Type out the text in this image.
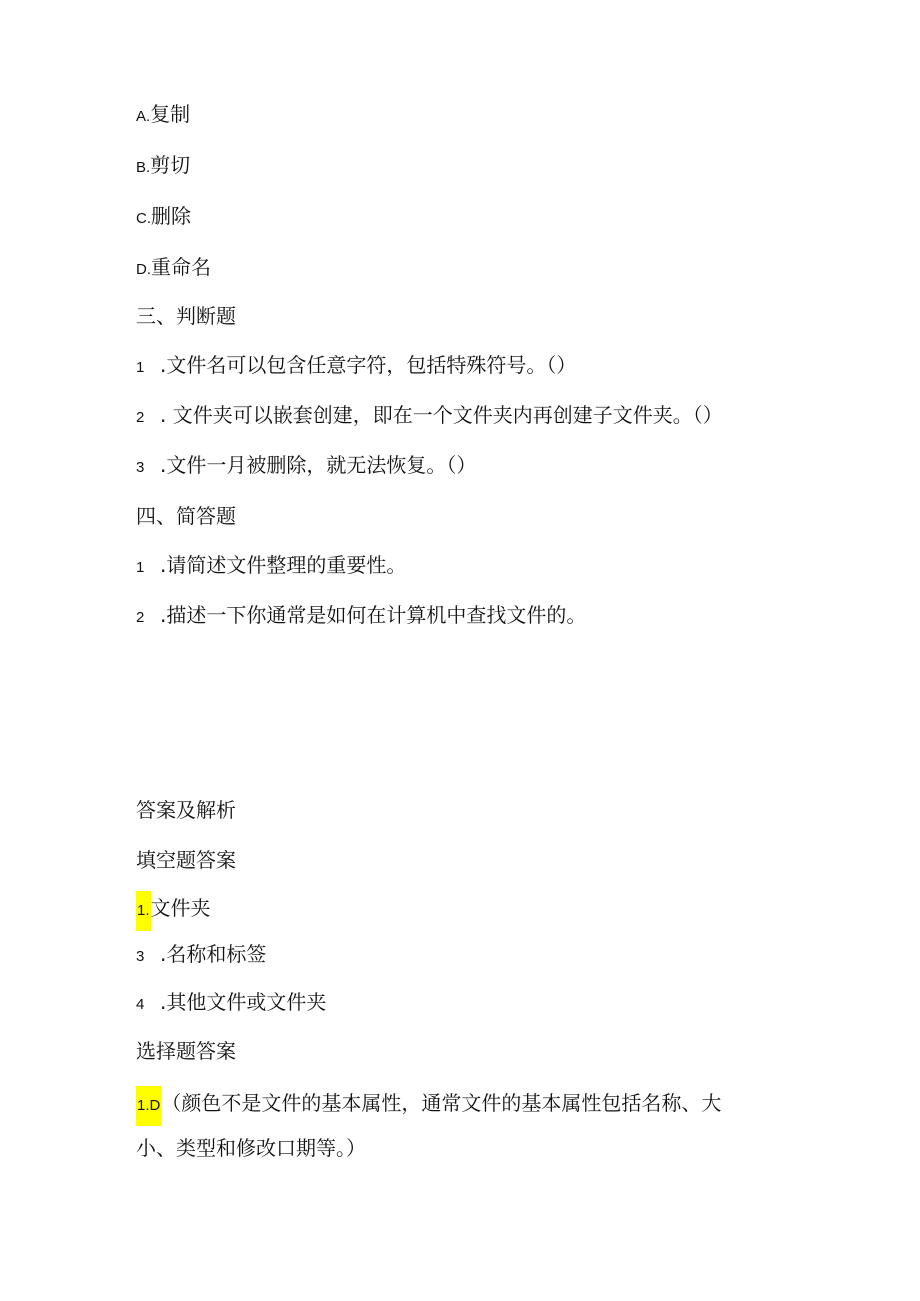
A.复制
B.剪切
C.删除
D.重命名
三、判断题
1 .文件名可以包含任意字符，包括特殊符号。（）
2 . 文件夹可以嵌套创建，即在一个文件夹内再创建子文件夹。（）
3 .文件一月被删除，就无法恢复。（）
四、简答题
1 .请简述文件整理的重要性。
2 .描述一下你通常是如何在计算机中查找文件的。
答案及解析
填空题答案
1.文件夹
3 .名称和标签
4 .其他文件或文件夹
选择题答案
1.D（颜色不是文件的基本属性，通常文件的基本属性包括名称、大
小、类型和修改口期等。）
